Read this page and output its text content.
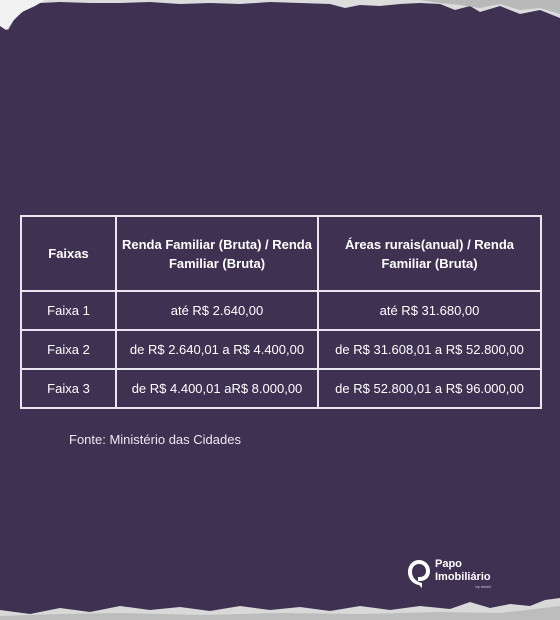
Faixas	Renda Familiar (Bruta) / Renda Familiar (Bruta)	Áreas rurais(anual) / Renda Familiar (Bruta)
Faixa 1	até R$ 2.640,00	até R$ 31.680,00
Faixa 2	de R$ 2.640,01 a R$ 4.400,00	de R$ 31.608,01 a R$ 52.800,00
Faixa 3	de R$ 4.400,01 aR$ 8.000,00	de R$ 52.800,01 a R$ 96.000,00
Fonte: Ministério das Cidades
Papo
Imobiliário
by Imobi
